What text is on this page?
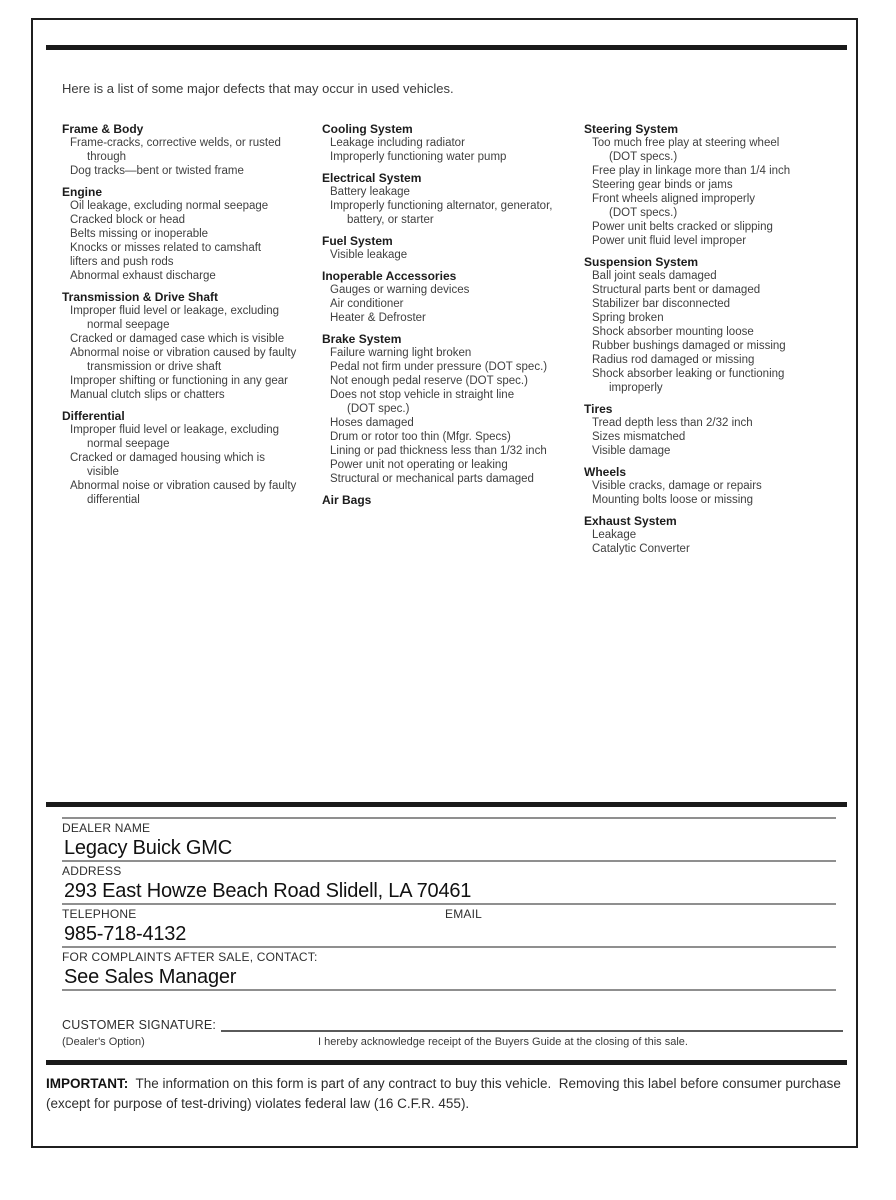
Here is a list of some major defects that may occur in used vehicles.
Frame & Body
Frame-cracks, corrective welds, or rusted
through
Dog tracks—bent or twisted frame
Engine
Oil leakage, excluding normal seepage
Cracked block or head
Belts missing or inoperable
Knocks or misses related to camshaft
lifters and push rods
Abnormal exhaust discharge
Transmission & Drive Shaft
Improper fluid level or leakage, excluding
normal seepage
Cracked or damaged case which is visible
Abnormal noise or vibration caused by faulty
transmission or drive shaft
Improper shifting or functioning in any gear
Manual clutch slips or chatters
Differential
Improper fluid level or leakage, excluding
normal seepage
Cracked or damaged housing which is
visible
Abnormal noise or vibration caused by faulty
differential
Cooling System
Leakage including radiator
Improperly functioning water pump
Electrical System
Battery leakage
Improperly functioning alternator, generator,
battery, or starter
Fuel System
Visible leakage
Inoperable Accessories
Gauges or warning devices
Air conditioner
Heater & Defroster
Brake System
Failure warning light broken
Pedal not firm under pressure (DOT spec.)
Not enough pedal reserve (DOT spec.)
Does not stop vehicle in straight line
(DOT spec.)
Hoses damaged
Drum or rotor too thin (Mfgr. Specs)
Lining or pad thickness less than 1/32 inch
Power unit not operating or leaking
Structural or mechanical parts damaged
Air Bags
Steering System
Too much free play at steering wheel
(DOT specs.)
Free play in linkage more than 1/4 inch
Steering gear binds or jams
Front wheels aligned improperly
(DOT specs.)
Power unit belts cracked or slipping
Power unit fluid level improper
Suspension System
Ball joint seals damaged
Structural parts bent or damaged
Stabilizer bar disconnected
Spring broken
Shock absorber mounting loose
Rubber bushings damaged or missing
Radius rod damaged or missing
Shock absorber leaking or functioning
improperly
Tires
Tread depth less than 2/32 inch
Sizes mismatched
Visible damage
Wheels
Visible cracks, damage or repairs
Mounting bolts loose or missing
Exhaust System
Leakage
Catalytic Converter
DEALER NAME
Legacy Buick GMC
ADDRESS
293 East Howze Beach Road Slidell, LA 70461
TELEPHONE	EMAIL
985-718-4132
FOR COMPLAINTS AFTER SALE, CONTACT:
See Sales Manager
CUSTOMER SIGNATURE:
(Dealer's Option)	I hereby acknowledge receipt of the Buyers Guide at the closing of this sale.
IMPORTANT:  The information on this form is part of any contract to buy this vehicle.  Removing this label before consumer purchase (except for purpose of test-driving) violates federal law (16 C.F.R. 455).
